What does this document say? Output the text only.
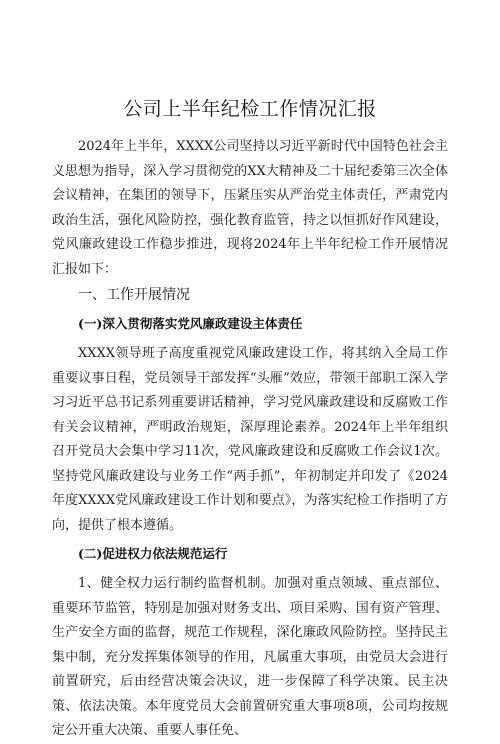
公司上半年纪检工作情况汇报

2024年上半年，XXXX公司坚持以习近平新时代中国特色社会主义思想为指导，深入学习贯彻党的XX大精神及二十届纪委第三次全体会议精神，在集团的领导下，压紧压实从严治党主体责任，严肃党内政治生活，强化风险防控，强化教育监管，持之以恒抓好作风建设，党风廉政建设工作稳步推进，现将2024年上半年纪检工作开展情况汇报如下：

一、工作开展情况
(一)深入贯彻落实党风廉政建设主体责任

XXXX领导班子高度重视党风廉政建设工作，将其纳入全局工作重要议事日程，党员领导干部发挥“头雁”效应，带领干部职工深入学习习近平总书记系列重要讲话精神，学习党风廉政建设和反腐败工作有关会议精神，严明政治规矩，深厚理论素养。2024年上半年组织召开党员大会集中学习11次，党风廉政建设和反腐败工作会议1次。坚持党风廉政建设与业务工作“两手抓”，年初制定并印发了《2024年度XXXX党风廉政建设工作计划和要点》，为落实纪检工作指明了方向，提供了根本遵循。

(二)促进权力依法规范运行

1、健全权力运行制约监督机制。加强对重点领域、重点部位、重要环节监管，特别是加强对财务支出、项目采购、国有资产管理、生产安全方面的监督，规范工作规程，深化廉政风险防控。坚持民主集中制，充分发挥集体领导的作用，凡属重大事项，由党员大会进行前置研究，后由经营决策会决议，进一步保障了科学决策、民主决策、依法决策。本年度党员大会前置研究重大事项8项，公司均按规定公开重大决策、重要人事任免、
